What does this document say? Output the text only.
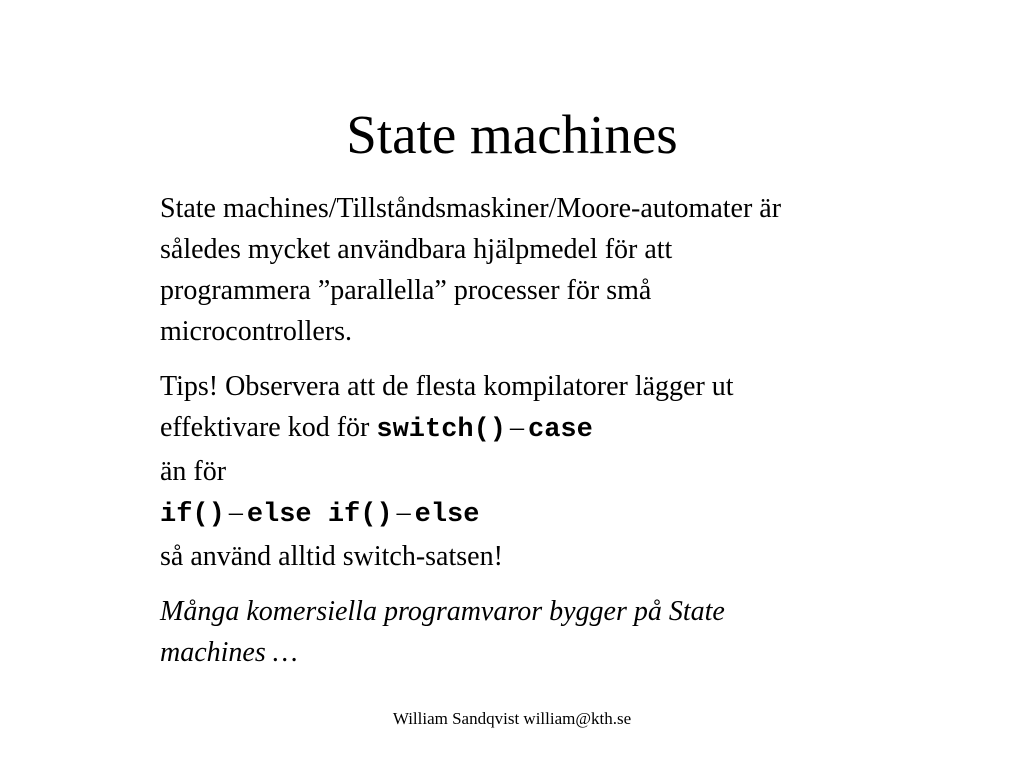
State machines

State machines/Tillståndsmaskiner/Moore-automater är
således mycket användbara hjälpmedel för att
programmera ”parallella” processer för små
microcontrollers.

Tips! Observera att de flesta kompilatorer lägger ut
effektivare kod för switch() – case
än för
if() – else if() – else
så använd alltid switch-satsen!

Många komersiella programvaror bygger på State
machines …

William Sandqvist william@kth.se
